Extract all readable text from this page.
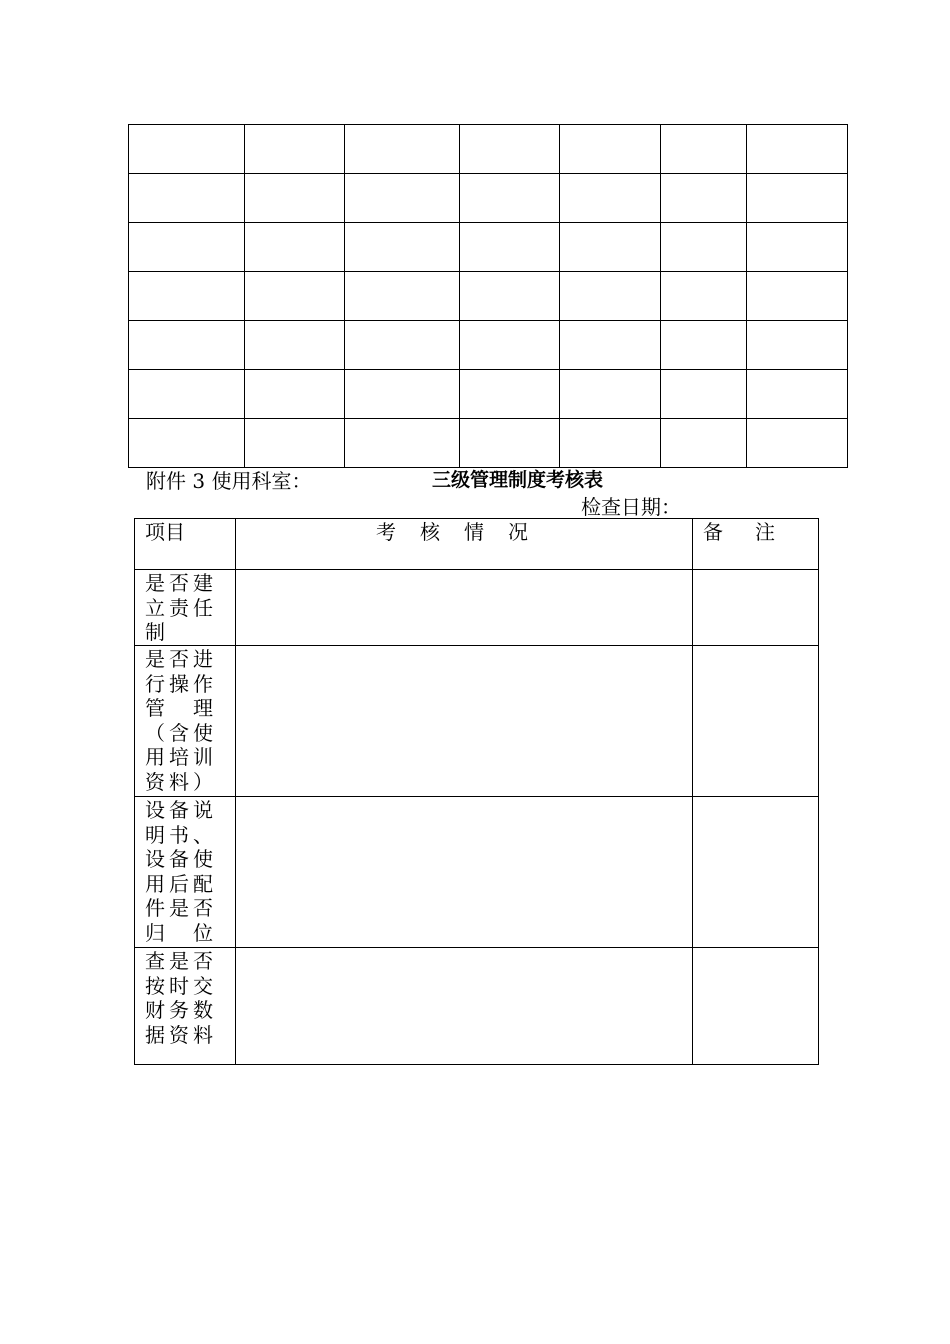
附件 3 使用科室：	三级管理制度考核表
检查日期：
项目	考核情况	备注

是否建立责任制		

是否进行操作管　理（含使用培训资料）		

设备说明书、设备使用后配件是否归位		

查是否按时交财务数据资料		
